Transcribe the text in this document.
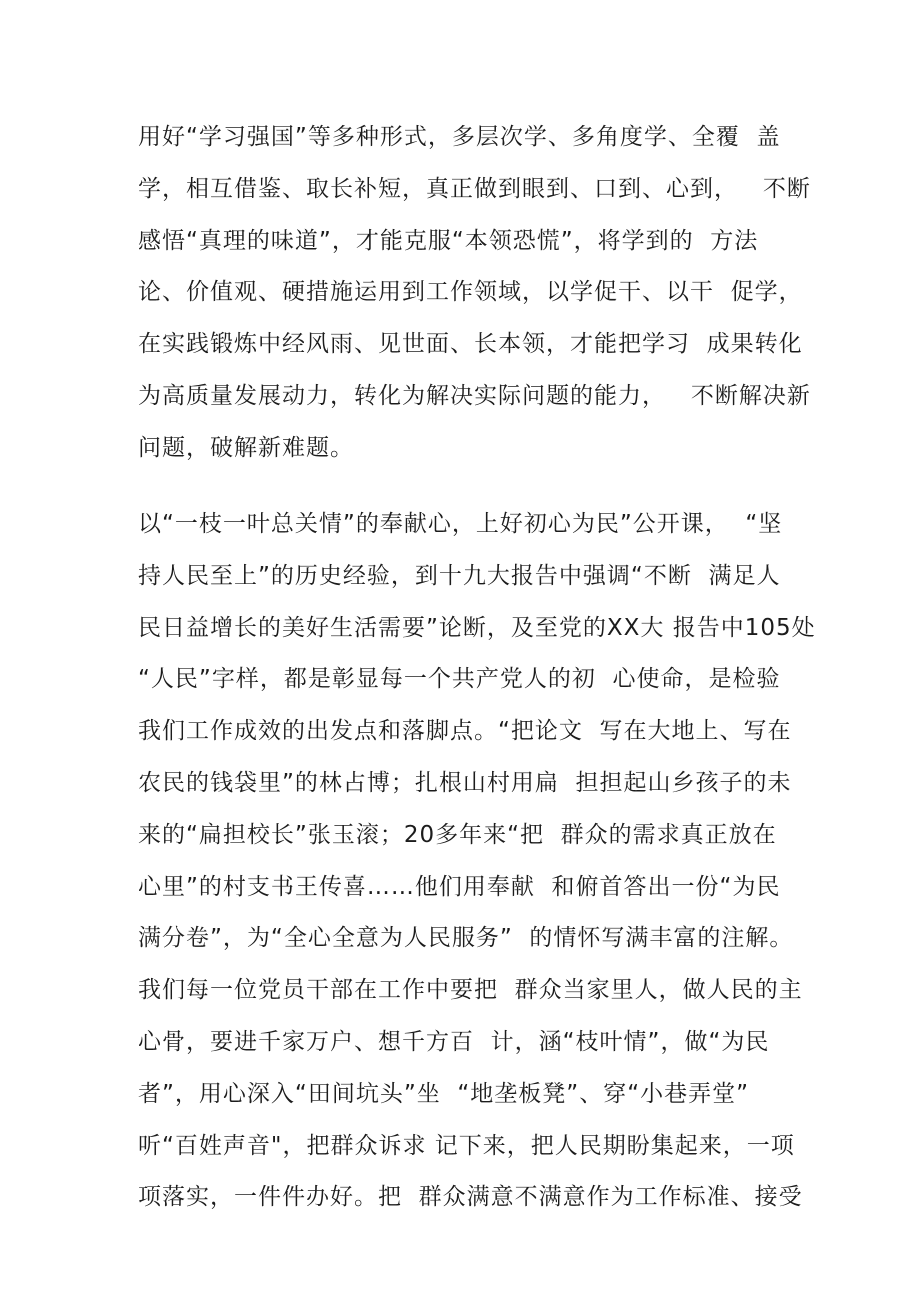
用好“学习强国”等多种形式，多层次学、多角度学、全覆  盖
学，相互借鉴、取长补短，真正做到眼到、口到、心到，   不断
感悟“真理的味道”，才能克服“本领恐慌”，将学到的  方法
论、价值观、硬措施运用到工作领域，以学促干、以干  促学，
在实践锻炼中经风雨、见世面、长本领，才能把学习  成果转化
为高质量发展动力，转化为解决实际问题的能力，   不断解决新
问题，破解新难题。
以“一枝一叶总关情”的奉献心，上好初心为民”公开课，  “坚
持人民至上”的历史经验，到十九大报告中强调“不断  满足人
民日益增长的美好生活需要”论断，及至党的XX大 报告中105处
“人民”字样，都是彰显每一个共产党人的初  心使命，是检验
我们工作成效的出发点和落脚点。“把论文  写在大地上、写在
农民的钱袋里”的林占博；扎根山村用扁  担担起山乡孩子的未
来的“扁担校长”张玉滚；20多年来“把  群众的需求真正放在
心里”的村支书王传喜……他们用奉献  和俯首答出一份“为民
满分卷”，为“全心全意为人民服务”  的情怀写满丰富的注解。
我们每一位党员干部在工作中要把  群众当家里人，做人民的主
心骨，要进千家万户、想千方百  计，涵“枝叶情”，做“为民
者”，用心深入“田间坑头”坐  “地垄板凳”、穿“小巷弄堂”
听“百姓声音"，把群众诉求 记下来，把人民期盼集起来，一项
项落实，一件件办好。把  群众满意不满意作为工作标准、接受
